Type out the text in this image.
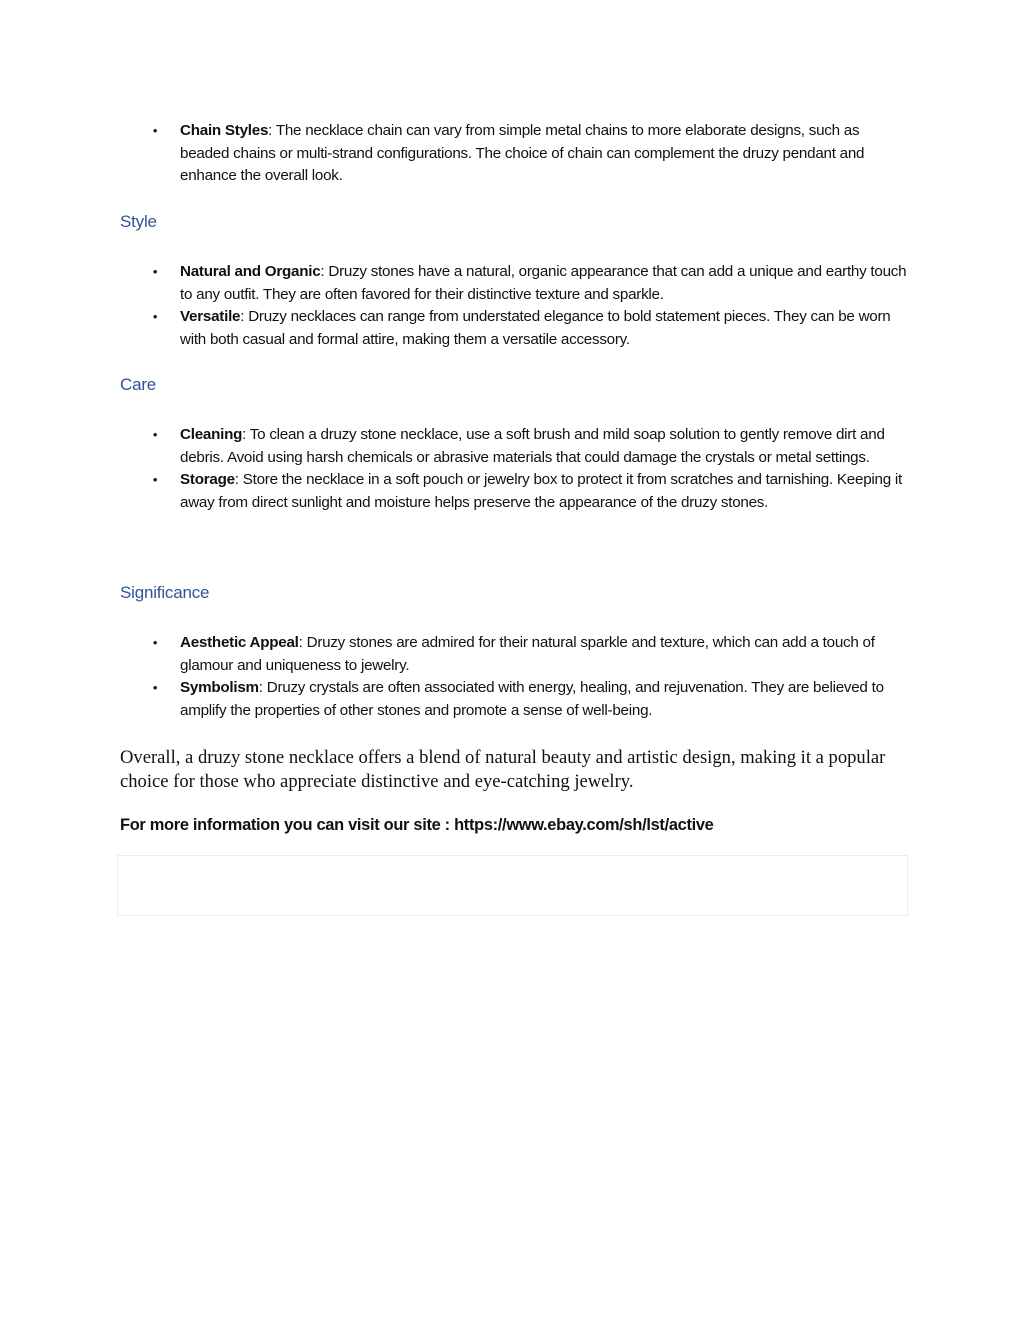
•	Chain Styles: The necklace chain can vary from simple metal chains to more elaborate designs, such as beaded chains or multi-strand configurations. The choice of chain can complement the druzy pendant and enhance the overall look.
Style
•	Natural and Organic: Druzy stones have a natural, organic appearance that can add a unique and earthy touch to any outfit. They are often favored for their distinctive texture and sparkle.
•	Versatile: Druzy necklaces can range from understated elegance to bold statement pieces. They can be worn with both casual and formal attire, making them a versatile accessory.
Care
•	Cleaning: To clean a druzy stone necklace, use a soft brush and mild soap solution to gently remove dirt and debris. Avoid using harsh chemicals or abrasive materials that could damage the crystals or metal settings.
•	Storage: Store the necklace in a soft pouch or jewelry box to protect it from scratches and tarnishing. Keeping it away from direct sunlight and moisture helps preserve the appearance of the druzy stones.
Significance
•	Aesthetic Appeal: Druzy stones are admired for their natural sparkle and texture, which can add a touch of glamour and uniqueness to jewelry.
•	Symbolism: Druzy crystals are often associated with energy, healing, and rejuvenation. They are believed to amplify the properties of other stones and promote a sense of well-being.

Overall, a druzy stone necklace offers a blend of natural beauty and artistic design, making it a popular choice for those who appreciate distinctive and eye-catching jewelry.

For more information you can visit our site : https://www.ebay.com/sh/lst/active
